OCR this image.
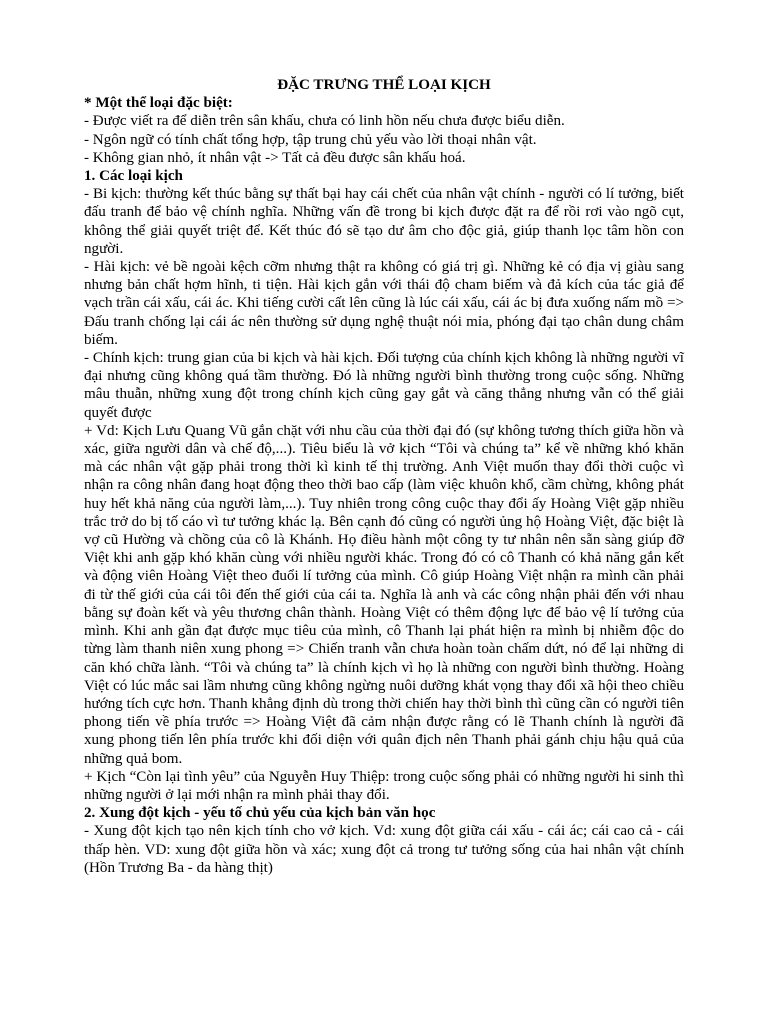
ĐẶC TRƯNG THỂ LOẠI KỊCH

* Một thể loại đặc biệt:

- Được viết ra để diễn trên sân khấu, chưa có linh hồn nếu chưa được biểu diễn.

- Ngôn ngữ có tính chất tổng hợp, tập trung chủ yếu vào lời thoại nhân vật.

- Không gian nhỏ, ít nhân vật -> Tất cả đều được sân khấu hoá.

1. Các loại kịch

- Bi kịch: thường kết thúc bằng sự thất bại hay cái chết của nhân vật chính - người có lí tưởng, biết đấu tranh để bảo vệ chính nghĩa. Những vấn đề trong bi kịch được đặt ra để rồi rơi vào ngõ cụt, không thể giải quyết triệt để. Kết thúc đó sẽ tạo dư âm cho độc giả, giúp thanh lọc tâm hồn con người.

- Hài kịch: vẻ bề ngoài kệch cỡm nhưng thật ra không có giá trị gì. Những kẻ có địa vị giàu sang nhưng bản chất hợm hĩnh, ti tiện. Hài kịch gắn với thái độ cham biếm và đả kích của tác giả để vạch trần cái xấu, cái ác. Khi tiếng cười cất lên cũng là lúc cái xấu, cái ác bị đưa xuống nấm mồ => Đấu tranh chống lại cái ác nên thường sử dụng nghệ thuật nói mỉa, phóng đại tạo chân dung châm biếm.

- Chính kịch: trung gian của bi kịch và hài kịch. Đối tượng của chính kịch không là những người vĩ đại nhưng cũng không quá tầm thường. Đó là những người bình thường trong cuộc sống. Những mâu thuẫn, những xung đột trong chính kịch cũng gay gắt và căng thẳng nhưng vẫn có thể giải quyết được

+ Vd: Kịch Lưu Quang Vũ gắn chặt với nhu cầu của thời đại đó (sự không tương thích giữa hồn và xác, giữa người dân và chế độ,...). Tiêu biểu là vở kịch “Tôi và chúng ta” kể về những khó khăn mà các nhân vật gặp phải trong thời kì kinh tế thị trường. Anh Việt muốn thay đổi thời cuộc vì nhận ra công nhân đang hoạt động theo thời bao cấp (làm việc khuôn khổ, cầm chừng, không phát huy hết khả năng của người làm,...). Tuy nhiên trong công cuộc thay đổi ấy Hoàng Việt gặp nhiều trắc trở do bị tố cáo vì tư tưởng khác lạ. Bên cạnh đó cũng có người ủng hộ Hoàng Việt, đặc biệt là vợ cũ Hường và chồng của cô là Khánh. Họ điều hành một công ty tư nhân nên sẵn sàng giúp đỡ Việt khi anh gặp khó khăn cùng với nhiều người khác. Trong đó có cô Thanh có khả năng gắn kết và động viên Hoàng Việt theo đuổi lí tưởng của mình. Cô giúp Hoàng Việt nhận ra mình cần phải đi từ thế giới của cái tôi đến thế giới của cái ta. Nghĩa là anh và các công nhận phải đến với nhau bằng sự đoàn kết và yêu thương chân thành. Hoàng Việt có thêm động lực để bảo vệ lí tưởng của mình. Khi anh gần đạt được mục tiêu của mình, cô Thanh lại phát hiện ra mình bị nhiễm độc do từng làm thanh niên xung phong => Chiến tranh vẫn chưa hoàn toàn chấm dứt, nó để lại những di căn khó chữa lành. “Tôi và chúng ta” là chính kịch vì họ là những con người bình thường. Hoàng Việt có lúc mắc sai lầm nhưng cũng không ngừng nuôi dưỡng khát vọng thay đổi xã hội theo chiều hướng tích cực hơn. Thanh khẳng định dù trong thời chiến hay thời bình thì cũng cần có người tiên phong tiến về phía trước => Hoàng Việt đã cảm nhận được rằng có lẽ Thanh chính là người đã xung phong tiến lên phía trước khi đối diện với quân địch nên Thanh phải gánh chịu hậu quả của những quả bom.

+ Kịch “Còn lại tình yêu” của Nguyễn Huy Thiệp: trong cuộc sống phải có những người hi sinh thì những người ở lại mới nhận ra mình phải thay đổi.

2. Xung đột kịch - yếu tố chủ yếu của kịch bản văn học

- Xung đột kịch tạo nên kịch tính cho vở kịch. Vd: xung đột giữa cái xấu - cái ác; cái cao cả - cái thấp hèn. VD: xung đột giữa hồn và xác; xung đột cả trong tư tưởng sống của hai nhân vật chính (Hồn Trương Ba - da hàng thịt)
